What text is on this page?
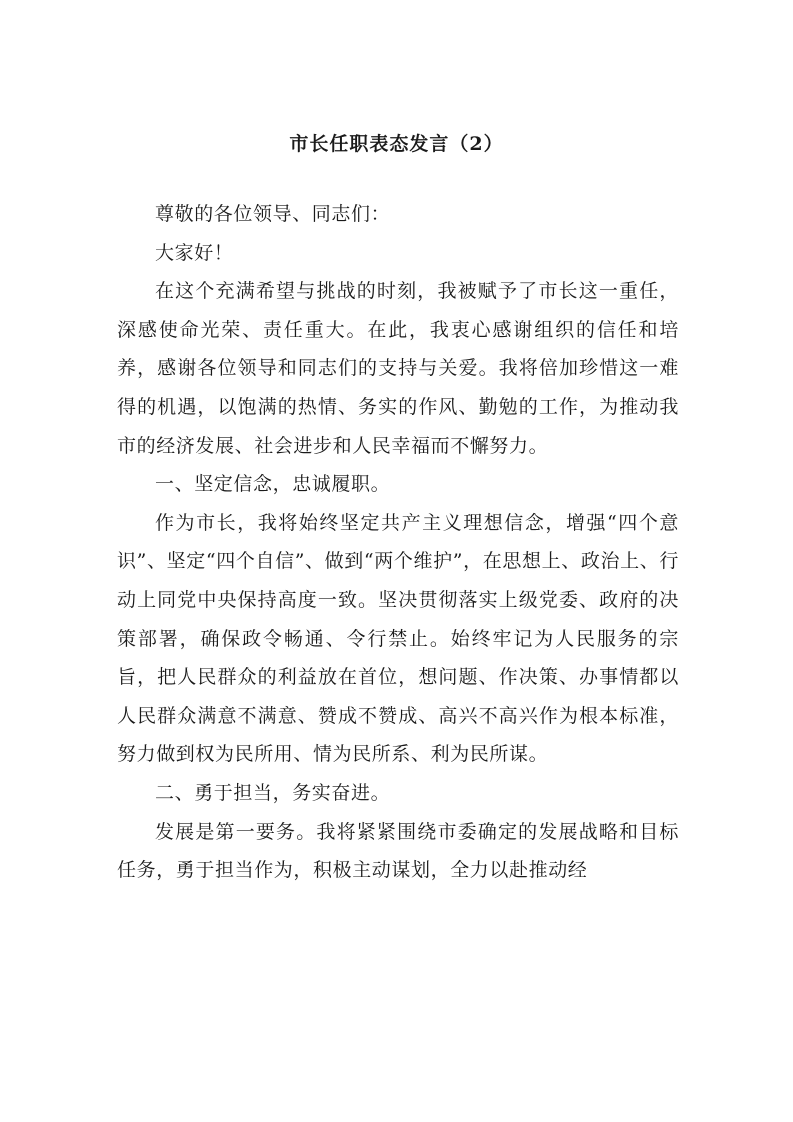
市长任职表态发言（2）

尊敬的各位领导、同志们：

大家好！

在这个充满希望与挑战的时刻，我被赋予了市长这一重任，深感使命光荣、责任重大。在此，我衷心感谢组织的信任和培养，感谢各位领导和同志们的支持与关爱。我将倍加珍惜这一难得的机遇，以饱满的热情、务实的作风、勤勉的工作，为推动我市的经济发展、社会进步和人民幸福而不懈努力。

一、坚定信念，忠诚履职。

作为市长，我将始终坚定共产主义理想信念，增强“四个意识”、坚定“四个自信”、做到“两个维护”，在思想上、政治上、行动上同党中央保持高度一致。坚决贯彻落实上级党委、政府的决策部署，确保政令畅通、令行禁止。始终牢记为人民服务的宗旨，把人民群众的利益放在首位，想问题、作决策、办事情都以人民群众满意不满意、赞成不赞成、高兴不高兴作为根本标准，努力做到权为民所用、情为民所系、利为民所谋。

二、勇于担当，务实奋进。

发展是第一要务。我将紧紧围绕市委确定的发展战略和目标任务，勇于担当作为，积极主动谋划，全力以赴推动经
